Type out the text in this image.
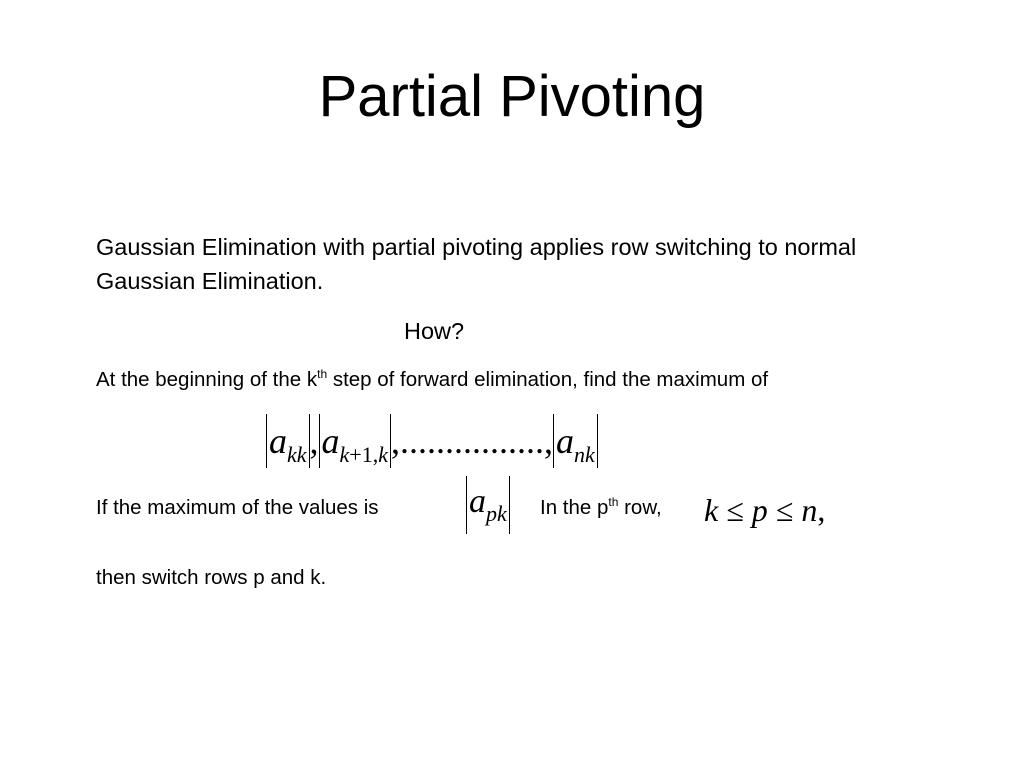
Partial Pivoting
Gaussian Elimination with partial pivoting applies row switching to normal Gaussian Elimination.
How?
At the beginning of the $k^{th}$ step of forward elimination, find the maximum of
$a_{kk},a_{k+1,k},................,a_{nk}$
If the maximum of the values is	$a_{pk}$ In the $p^{th}$ row, k ≤ p ≤ n,
then switch rows p and k.
